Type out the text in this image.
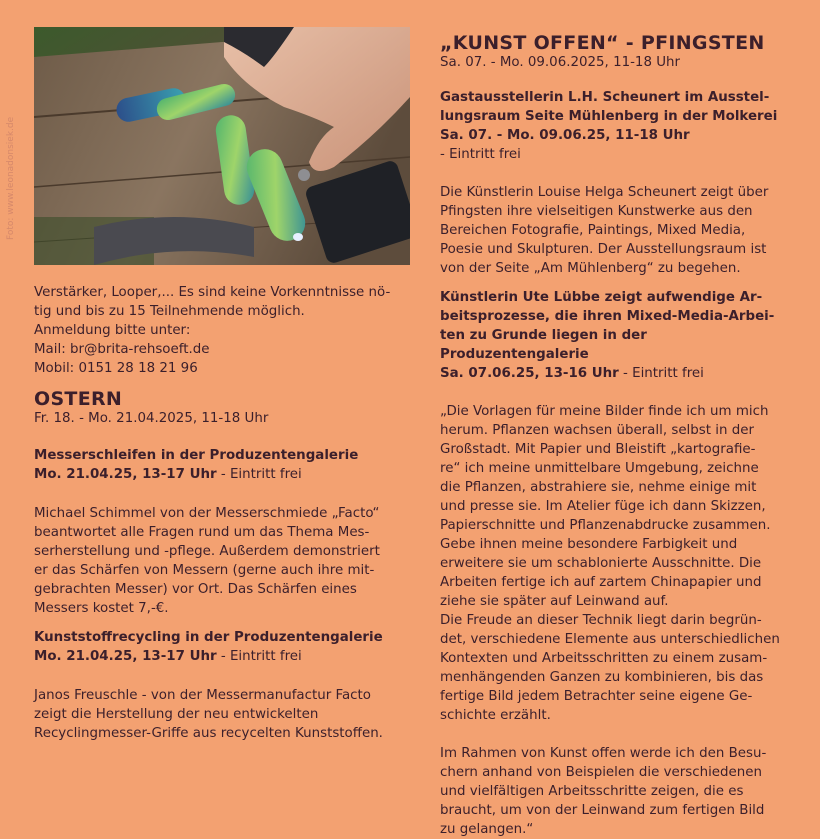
Foto: www.leonadonsiek.de

Verstärker, Looper,... Es sind keine Vorkenntnisse nö-

tig und bis zu 15 Teilnehmende möglich.

Anmeldung bitte unter:

Mail: br@brita-rehsoeft.de

Mobil: 0151 28 18 21 96

OSTERN

Fr. 18. - Mo. 21.04.2025, 11-18 Uhr

Messerschleifen in der Produzentengalerie

Mo. 21.04.25, 13-17 Uhr - Eintritt frei

Michael Schimmel von der Messerschmiede „Facto“

beantwortet alle Fragen rund um das Thema Mes-

serherstellung und -pflege. Außerdem demonstriert

er das Schärfen von Messern (gerne auch ihre mit-

gebrachten Messer) vor Ort. Das Schärfen eines

Messers kostet 7,-€.

Kunststoffrecycling in der Produzentengalerie

Mo. 21.04.25, 13-17 Uhr - Eintritt frei

Janos Freuschle - von der Messermanufactur Facto

zeigt die Herstellung der neu entwickelten

Recyclingmesser-Griffe aus recycelten Kunststoffen.

„KUNST OFFEN“ - PFINGSTEN

Sa. 07. - Mo. 09.06.2025, 11-18 Uhr

Gastausstellerin L.H. Scheunert im Ausstel-

lungsraum Seite Mühlenberg in der Molkerei

Sa. 07. - Mo. 09.06.25, 11-18 Uhr

- Eintritt frei

Die Künstlerin Louise Helga Scheunert zeigt über

Pfingsten ihre vielseitigen Kunstwerke aus den

Bereichen Fotografie, Paintings, Mixed Media,

Poesie und Skulpturen. Der Ausstellungsraum ist

von der Seite „Am Mühlenberg“ zu begehen.

Künstlerin Ute Lübbe zeigt aufwendige Ar-

beitsprozesse, die ihren Mixed-Media-Arbei-

ten zu Grunde liegen in der Produzentengalerie

Sa. 07.06.25, 13-16 Uhr - Eintritt frei

„Die Vorlagen für meine Bilder finde ich um mich

herum. Pflanzen wachsen überall, selbst in der

Großstadt. Mit Papier und Bleistift „kartografie-

re“ ich meine unmittelbare Umgebung, zeichne

die Pflanzen, abstrahiere sie, nehme einige mit

und presse sie. Im Atelier füge ich dann Skizzen,

Papierschnitte und Pflanzenabdrucke zusammen.

Gebe ihnen meine besondere Farbigkeit und

erweitere sie um schablonierte Ausschnitte. Die

Arbeiten fertige ich auf zartem Chinapapier und

ziehe sie später auf Leinwand auf.

Die Freude an dieser Technik liegt darin begrün-

det, verschiedene Elemente aus unterschiedlichen

Kontexten und Arbeitsschritten zu einem zusam-

menhängenden Ganzen zu kombinieren, bis das

fertige Bild jedem Betrachter seine eigene Ge-

schichte erzählt.

Im Rahmen von Kunst offen werde ich den Besu-

chern anhand von Beispielen die verschiedenen

und vielfältigen Arbeitsschritte zeigen, die es

braucht, um von der Leinwand zum fertigen Bild

zu gelangen.“
